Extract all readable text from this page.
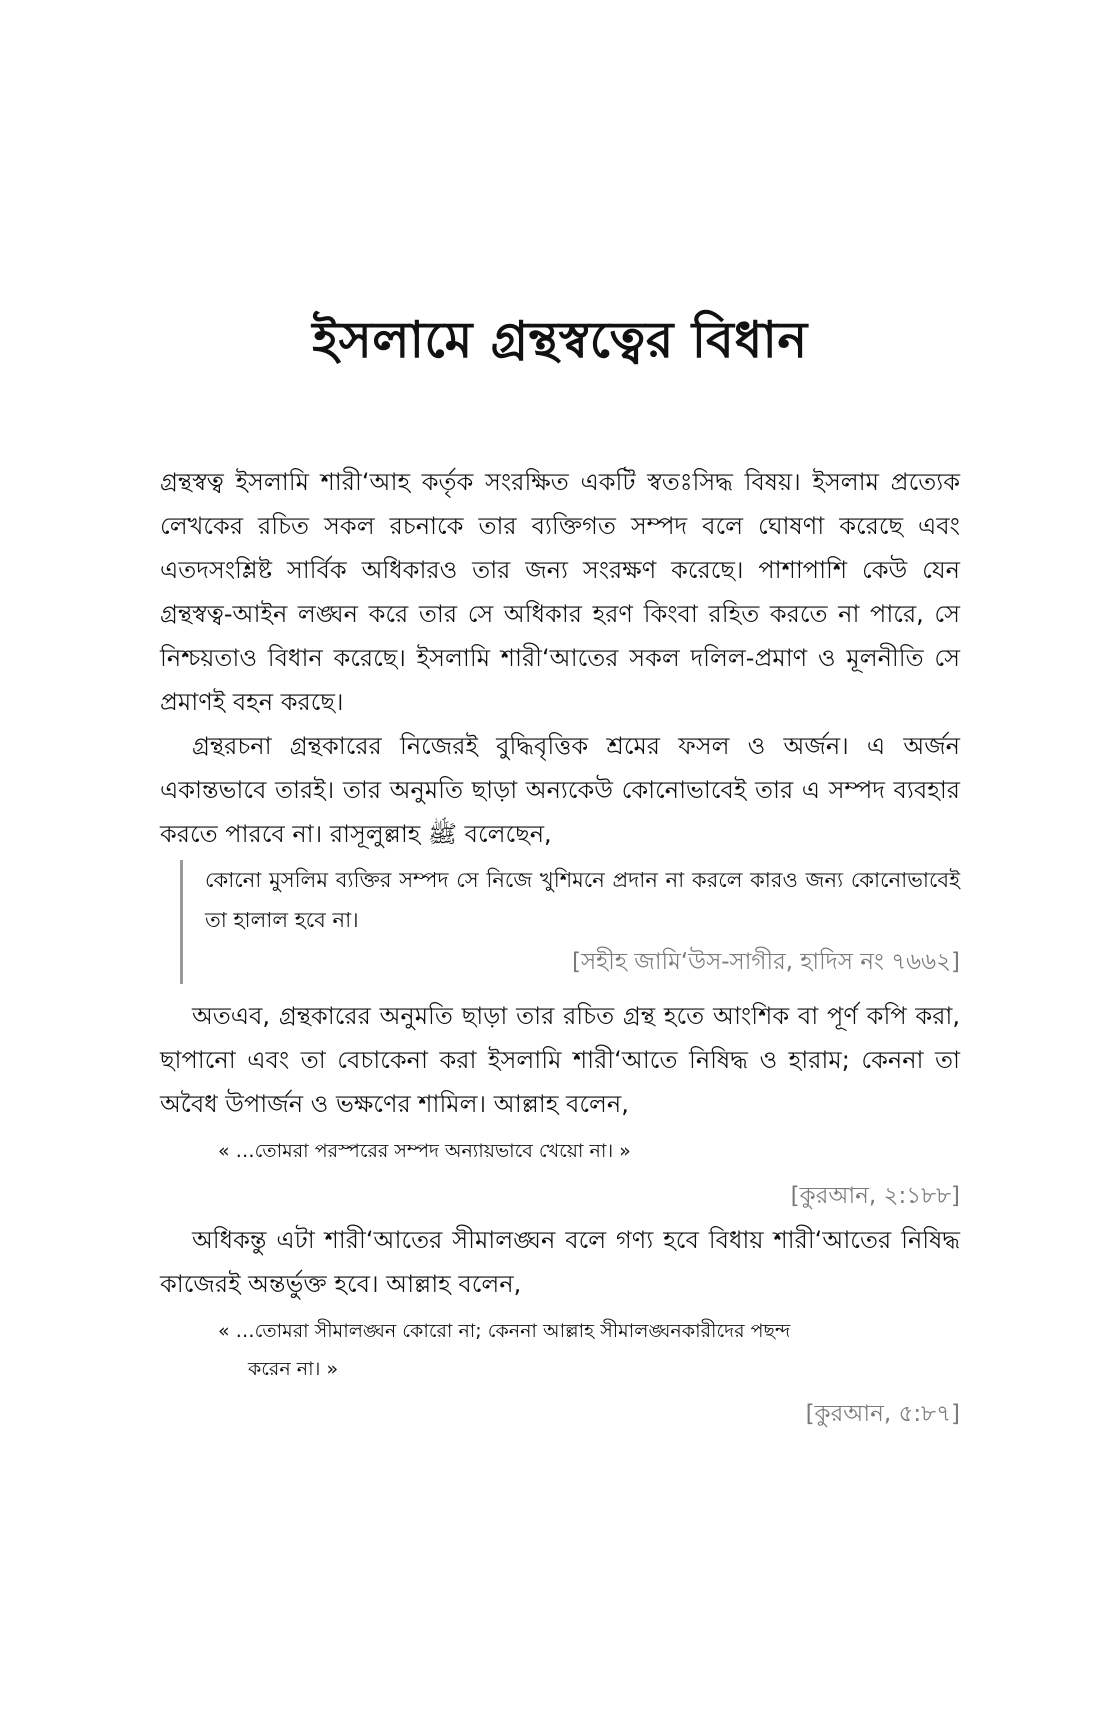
ইসলামে গ্রন্থস্বত্বের বিধান

গ্রন্থস্বত্ব ইসলামি শারী‘আহ কর্তৃক সংরক্ষিত একটি স্বতঃসিদ্ধ বিষয়। ইসলাম প্রত্যেক লেখকের রচিত সকল রচনাকে তার ব্যক্তিগত সম্পদ বলে ঘোষণা করেছে এবং এতদসংশ্লিষ্ট সার্বিক অধিকারও তার জন্য সংরক্ষণ করেছে। পাশাপাশি কেউ যেন গ্রন্থস্বত্ব-আইন লঙ্ঘন করে তার সে অধিকার হরণ কিংবা রহিত করতে না পারে, সে নিশ্চয়তাও বিধান করেছে। ইসলামি শারী‘আতের সকল দলিল-প্রমাণ ও মূলনীতি সে প্রমাণই বহন করছে।

গ্রন্থরচনা গ্রন্থকারের নিজেরই বুদ্ধিবৃত্তিক শ্রমের ফসল ও অর্জন। এ অর্জন একান্তভাবে তারই। তার অনুমতি ছাড়া অন্যকেউ কোনোভাবেই তার এ সম্পদ ব্যবহার করতে পারবে না। রাসূলুল্লাহ ﷺ বলেছেন,

কোনো মুসলিম ব্যক্তির সম্পদ সে নিজে খুশিমনে প্রদান না করলে কারও জন্য কোনোভাবেই তা হালাল হবে না।

[সহীহ জামি‘উস-সাগীর, হাদিস নং ৭৬৬২]

অতএব, গ্রন্থকারের অনুমতি ছাড়া তার রচিত গ্রন্থ হতে আংশিক বা পূর্ণ কপি করা, ছাপানো এবং তা বেচাকেনা করা ইসলামি শারী‘আতে নিষিদ্ধ ও হারাম; কেননা তা অবৈধ উপার্জন ও ভক্ষণের শামিল। আল্লাহ বলেন,

« …তোমরা পরস্পরের সম্পদ অন্যায়ভাবে খেয়ো না। »

[কুরআন, ২:১৮৮]

অধিকন্তু এটা শারী‘আতের সীমালঙ্ঘন বলে গণ্য হবে বিধায় শারী‘আতের নিষিদ্ধ কাজেরই অন্তর্ভুক্ত হবে। আল্লাহ বলেন,

« …তোমরা সীমালঙ্ঘন কোরো না; কেননা আল্লাহ সীমালঙ্ঘনকারীদের পছন্দ
করেন না। »

[কুরআন, ৫:৮৭]
